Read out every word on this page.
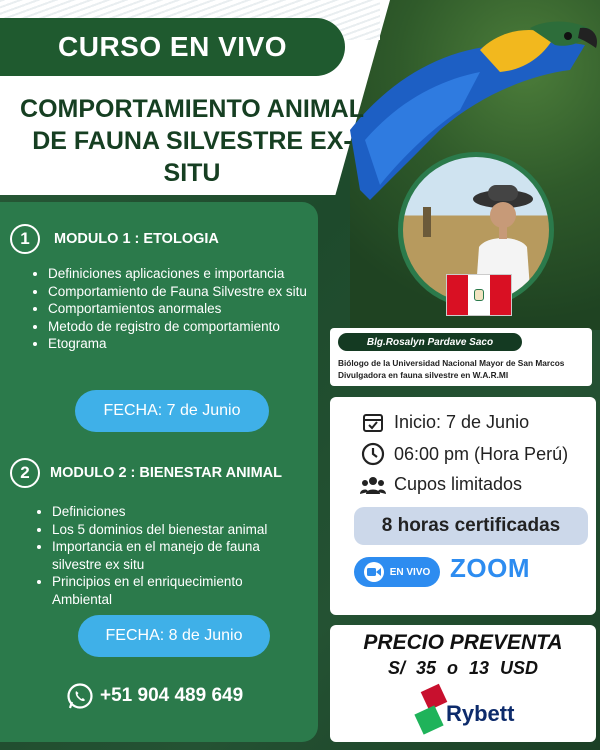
CURSO EN VIVO
COMPORTAMIENTO ANIMAL
DE FAUNA SILVESTRE EX-SITU
1	MODULO 1 : ETOLOGIA
• Definiciones aplicaciones e importancia
• Comportamiento de Fauna Silvestre ex situ
• Comportamientos anormales
• Metodo de registro de comportamiento
• Etograma
FECHA: 7 de Junio
2	MODULO 2 : BIENESTAR ANIMAL
• Definiciones
• Los 5 dominios del bienestar animal
• Importancia en el manejo de fauna silvestre ex situ
• Principios en el enriquecimiento Ambiental
FECHA: 8 de Junio
+51 904 489 649
Blg.Rosalyn Pardave Saco
Biólogo de la Universidad Nacional Mayor de San Marcos
Divulgadora en fauna silvestre en W.A.R.MI
Inicio: 7 de Junio
06:00 pm (Hora Perú)
Cupos limitados
8 horas certificadas
EN VIVO ZOOM
PRECIO PREVENTA
S/ 35 o 13 USD
Rybett
